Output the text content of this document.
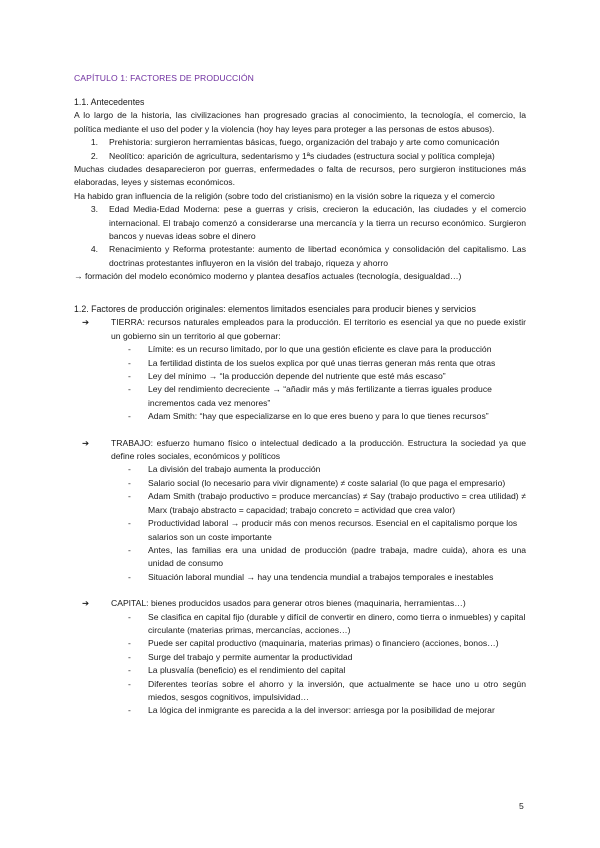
CAPÍTULO 1: FACTORES DE PRODUCCIÓN
1.1. Antecedentes
A lo largo de la historia, las civilizaciones han progresado gracias al conocimiento, la tecnología, el comercio, la política mediante el uso del poder y la violencia (hoy hay leyes para proteger a las personas de estos abusos).
1. Prehistoria: surgieron herramientas básicas, fuego, organización del trabajo y arte como comunicación
2. Neolítico: aparición de agricultura, sedentarismo y 1ªs ciudades (estructura social y política compleja)
Muchas ciudades desaparecieron por guerras, enfermedades o falta de recursos, pero surgieron instituciones más elaboradas, leyes y sistemas económicos.
Ha habido gran influencia de la religión (sobre todo del cristianismo) en la visión sobre la riqueza y el comercio
3. Edad Media-Edad Moderna: pese a guerras y crisis, crecieron la educación, las ciudades y el comercio internacional. El trabajo comenzó a considerarse una mercancía y la tierra un recurso económico. Surgieron bancos y nuevas ideas sobre el dinero
4. Renacimiento y Reforma protestante: aumento de libertad económica y consolidación del capitalismo. Las doctrinas protestantes influyeron en la visión del trabajo, riqueza y ahorro
→ formación del modelo económico moderno y plantea desafíos actuales (tecnología, desigualdad…)
1.2. Factores de producción originales: elementos limitados esenciales para producir bienes y servicios
➔	TIERRA: recursos naturales empleados para la producción. El territorio es esencial ya que no puede existir un gobierno sin un territorio al que gobernar:
- Límite: es un recurso limitado, por lo que una gestión eficiente es clave para la producción
- La fertilidad distinta de los suelos explica por qué unas tierras generan más renta que otras
- Ley del mínimo → “la producción depende del nutriente que esté más escaso”
- Ley del rendimiento decreciente → “añadir más y más fertilizante a tierras iguales produce incrementos cada vez menores”
- Adam Smith: “hay que especializarse en lo que eres bueno y para lo que tienes recursos”
➔	TRABAJO: esfuerzo humano físico o intelectual dedicado a la producción. Estructura la sociedad ya que define roles sociales, económicos y políticos
- La división del trabajo aumenta la producción
- Salario social (lo necesario para vivir dignamente) ≠ coste salarial (lo que paga el empresario)
- Adam Smith (trabajo productivo = produce mercancías) ≠ Say (trabajo productivo = crea utilidad) ≠ Marx (trabajo abstracto = capacidad; trabajo concreto = actividad que crea valor)
- Productividad laboral → producir más con menos recursos. Esencial en el capitalismo porque los salarios son un coste importante
- Antes, las familias era una unidad de producción (padre trabaja, madre cuida), ahora es una unidad de consumo
- Situación laboral mundial → hay una tendencia mundial a trabajos temporales e inestables
➔	CAPITAL: bienes producidos usados para generar otros bienes (maquinaria, herramientas…)
- Se clasifica en capital fijo (durable y difícil de convertir en dinero, como tierra o inmuebles) y capital circulante (materias primas, mercancías, acciones…)
- Puede ser capital productivo (maquinaria, materias primas) o financiero (acciones, bonos…)
- Surge del trabajo y permite aumentar la productividad
- La plusvalía (beneficio) es el rendimiento del capital
- Diferentes teorías sobre el ahorro y la inversión, que actualmente se hace uno u otro según miedos, sesgos cognitivos, impulsividad…
- La lógica del inmigrante es parecida a la del inversor: arriesga por la posibilidad de mejorar
5
